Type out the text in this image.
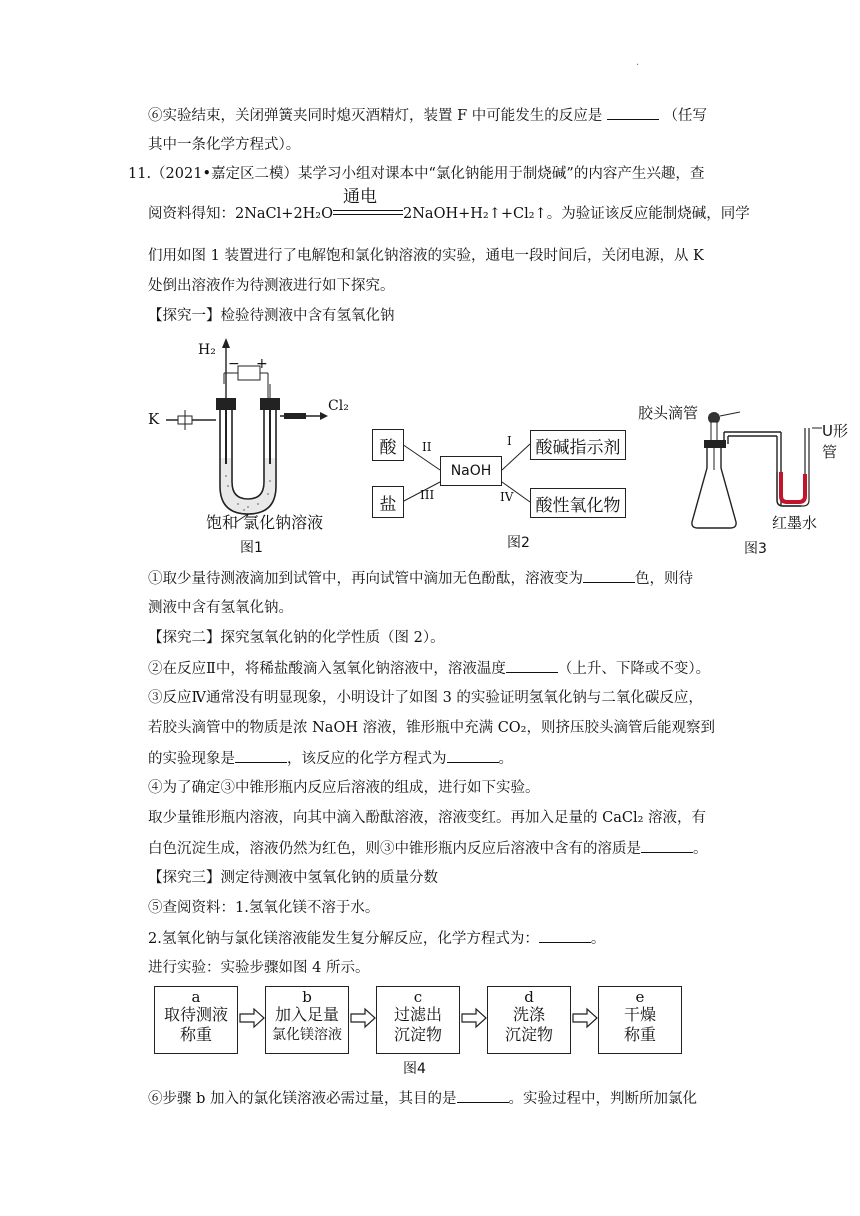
·
⑥实验结束，关闭弹簧夹同时熄灭酒精灯，装置 F 中可能发生的反应是	（任写
其中一条化学方程式）。
11.（2021•嘉定区二模）某学习小组对课本中“氯化钠能用于制烧碱”的内容产生兴趣，查
阅资料得知：2NaCl+2H₂O
通电
2NaOH+H₂↑+Cl₂↑。为验证该反应能制烧碱，同学
们用如图 1 装置进行了电解饱和氯化钠溶液的实验，通电一段时间后，关闭电源，从 K
处倒出溶液作为待测液进行如下探究。
【探究一】检验待测液中含有氢氧化钠
H₂
Cl₂
K
− +
饱和 氯化钠溶液
图1
酸
盐
NaOH
酸碱指示剂
酸性氧化物
II
III
I
IV
图2
胶头滴管
U形管
红墨水
图3
①取少量待测液滴加到试管中，再向试管中滴加无色酚酞，溶液变为	色，则待
测液中含有氢氧化钠。
【探究二】探究氢氧化钠的化学性质（图 2）。
②在反应Ⅱ中，将稀盐酸滴入氢氧化钠溶液中，溶液温度	（上升、下降或不变）。
③反应Ⅳ通常没有明显现象，小明设计了如图 3 的实验证明氢氧化钠与二氧化碳反应，
若胶头滴管中的物质是浓 NaOH 溶液，锥形瓶中充满 CO₂，则挤压胶头滴管后能观察到
的实验现象是	，该反应的化学方程式为	。
④为了确定③中锥形瓶内反应后溶液的组成，进行如下实验。
取少量锥形瓶内溶液，向其中滴入酚酞溶液，溶液变红。再加入足量的 CaCl₂ 溶液，有
白色沉淀生成，溶液仍然为红色，则③中锥形瓶内反应后溶液中含有的溶质是	。
【探究三】测定待测液中氢氧化钠的质量分数
⑤查阅资料：1.氢氧化镁不溶于水。
2.氢氧化钠与氯化镁溶液能发生复分解反应，化学方程式为：	。
进行实验：实验步骤如图 4 所示。
a
取待测液
称重
b
加入足量
氯化镁溶液
c
过滤出
沉淀物
d
洗涤
沉淀物
e
干燥
称重
图4
⑥步骤 b 加入的氯化镁溶液必需过量，其目的是	。实验过程中，判断所加氯化
